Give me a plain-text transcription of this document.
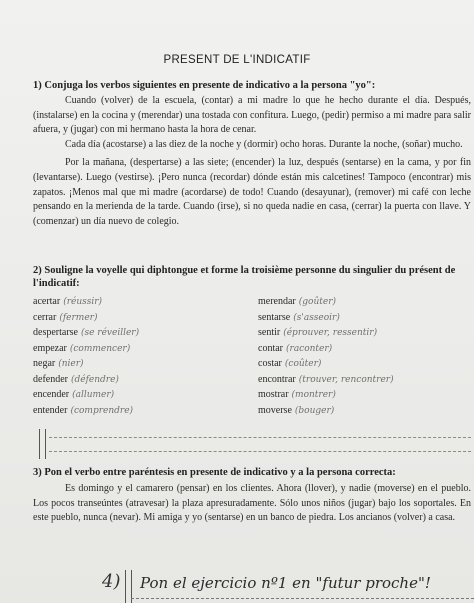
PRESENT DE L'INDICATIF
1) Conjuga los verbos siguientes en presente de indicativo a la persona "yo":

Cuando (volver) de la escuela, (contar) a mi madre lo que he hecho durante el día. Después, (instalarse) en la cocina y (merendar) una tostada con confitura. Luego, (pedir) permiso a mi madre para salir afuera, y (jugar) con mi hermano hasta la hora de cenar.

Cada día (acostarse) a las diez de la noche y (dormir) ocho horas. Durante la noche, (soñar) mucho.

Por la mañana, (despertarse) a las siete; (encender) la luz, después (sentarse) en la cama, y por fin (levantarse). Luego (vestirse). ¡Pero nunca (recordar) dónde están mis calcetines! Tampoco (encontrar) mis zapatos. ¡Menos mal que mi madre (acordarse) de todo! Cuando (desayunar), (remover) mi café con leche pensando en la merienda de la tarde. Cuando (irse), si no queda nadie en casa, (cerrar) la puerta con llave. Y (comenzar) un día nuevo de colegio.

2) Souligne la voyelle qui diphtongue et forme la troisième personne du singulier du présent de l'indicatif:
acertar (réussir)	merendar (goûter)
cerrar (fermer)	sentarse (s'asseoir)
despertarse (se réveiller)	sentir (éprouver, ressentir)
empezar (commencer)	contar (raconter)
negar (nier)	costar (coûter)
defender (défendre)	encontrar (trouver, rencontrer)
encender (allumer)	mostrar (montrer)
entender (comprendre)	moverse (bouger)
3) Pon el verbo entre paréntesis en presente de indicativo y a la persona correcta:

Es domingo y el camarero (pensar) en los clientes. Ahora (llover), y nadie (moverse) en el pueblo. Los pocos transeúntes (atravesar) la plaza apresuradamente. Sólo unos niños (jugar) bajo los soportales. En este pueblo, nunca (nevar). Mi amiga y yo (sentarse) en un banco de piedra. Los ancianos (volver) a casa.

4) Pon el ejercicio nº1 en "futur proche"!
